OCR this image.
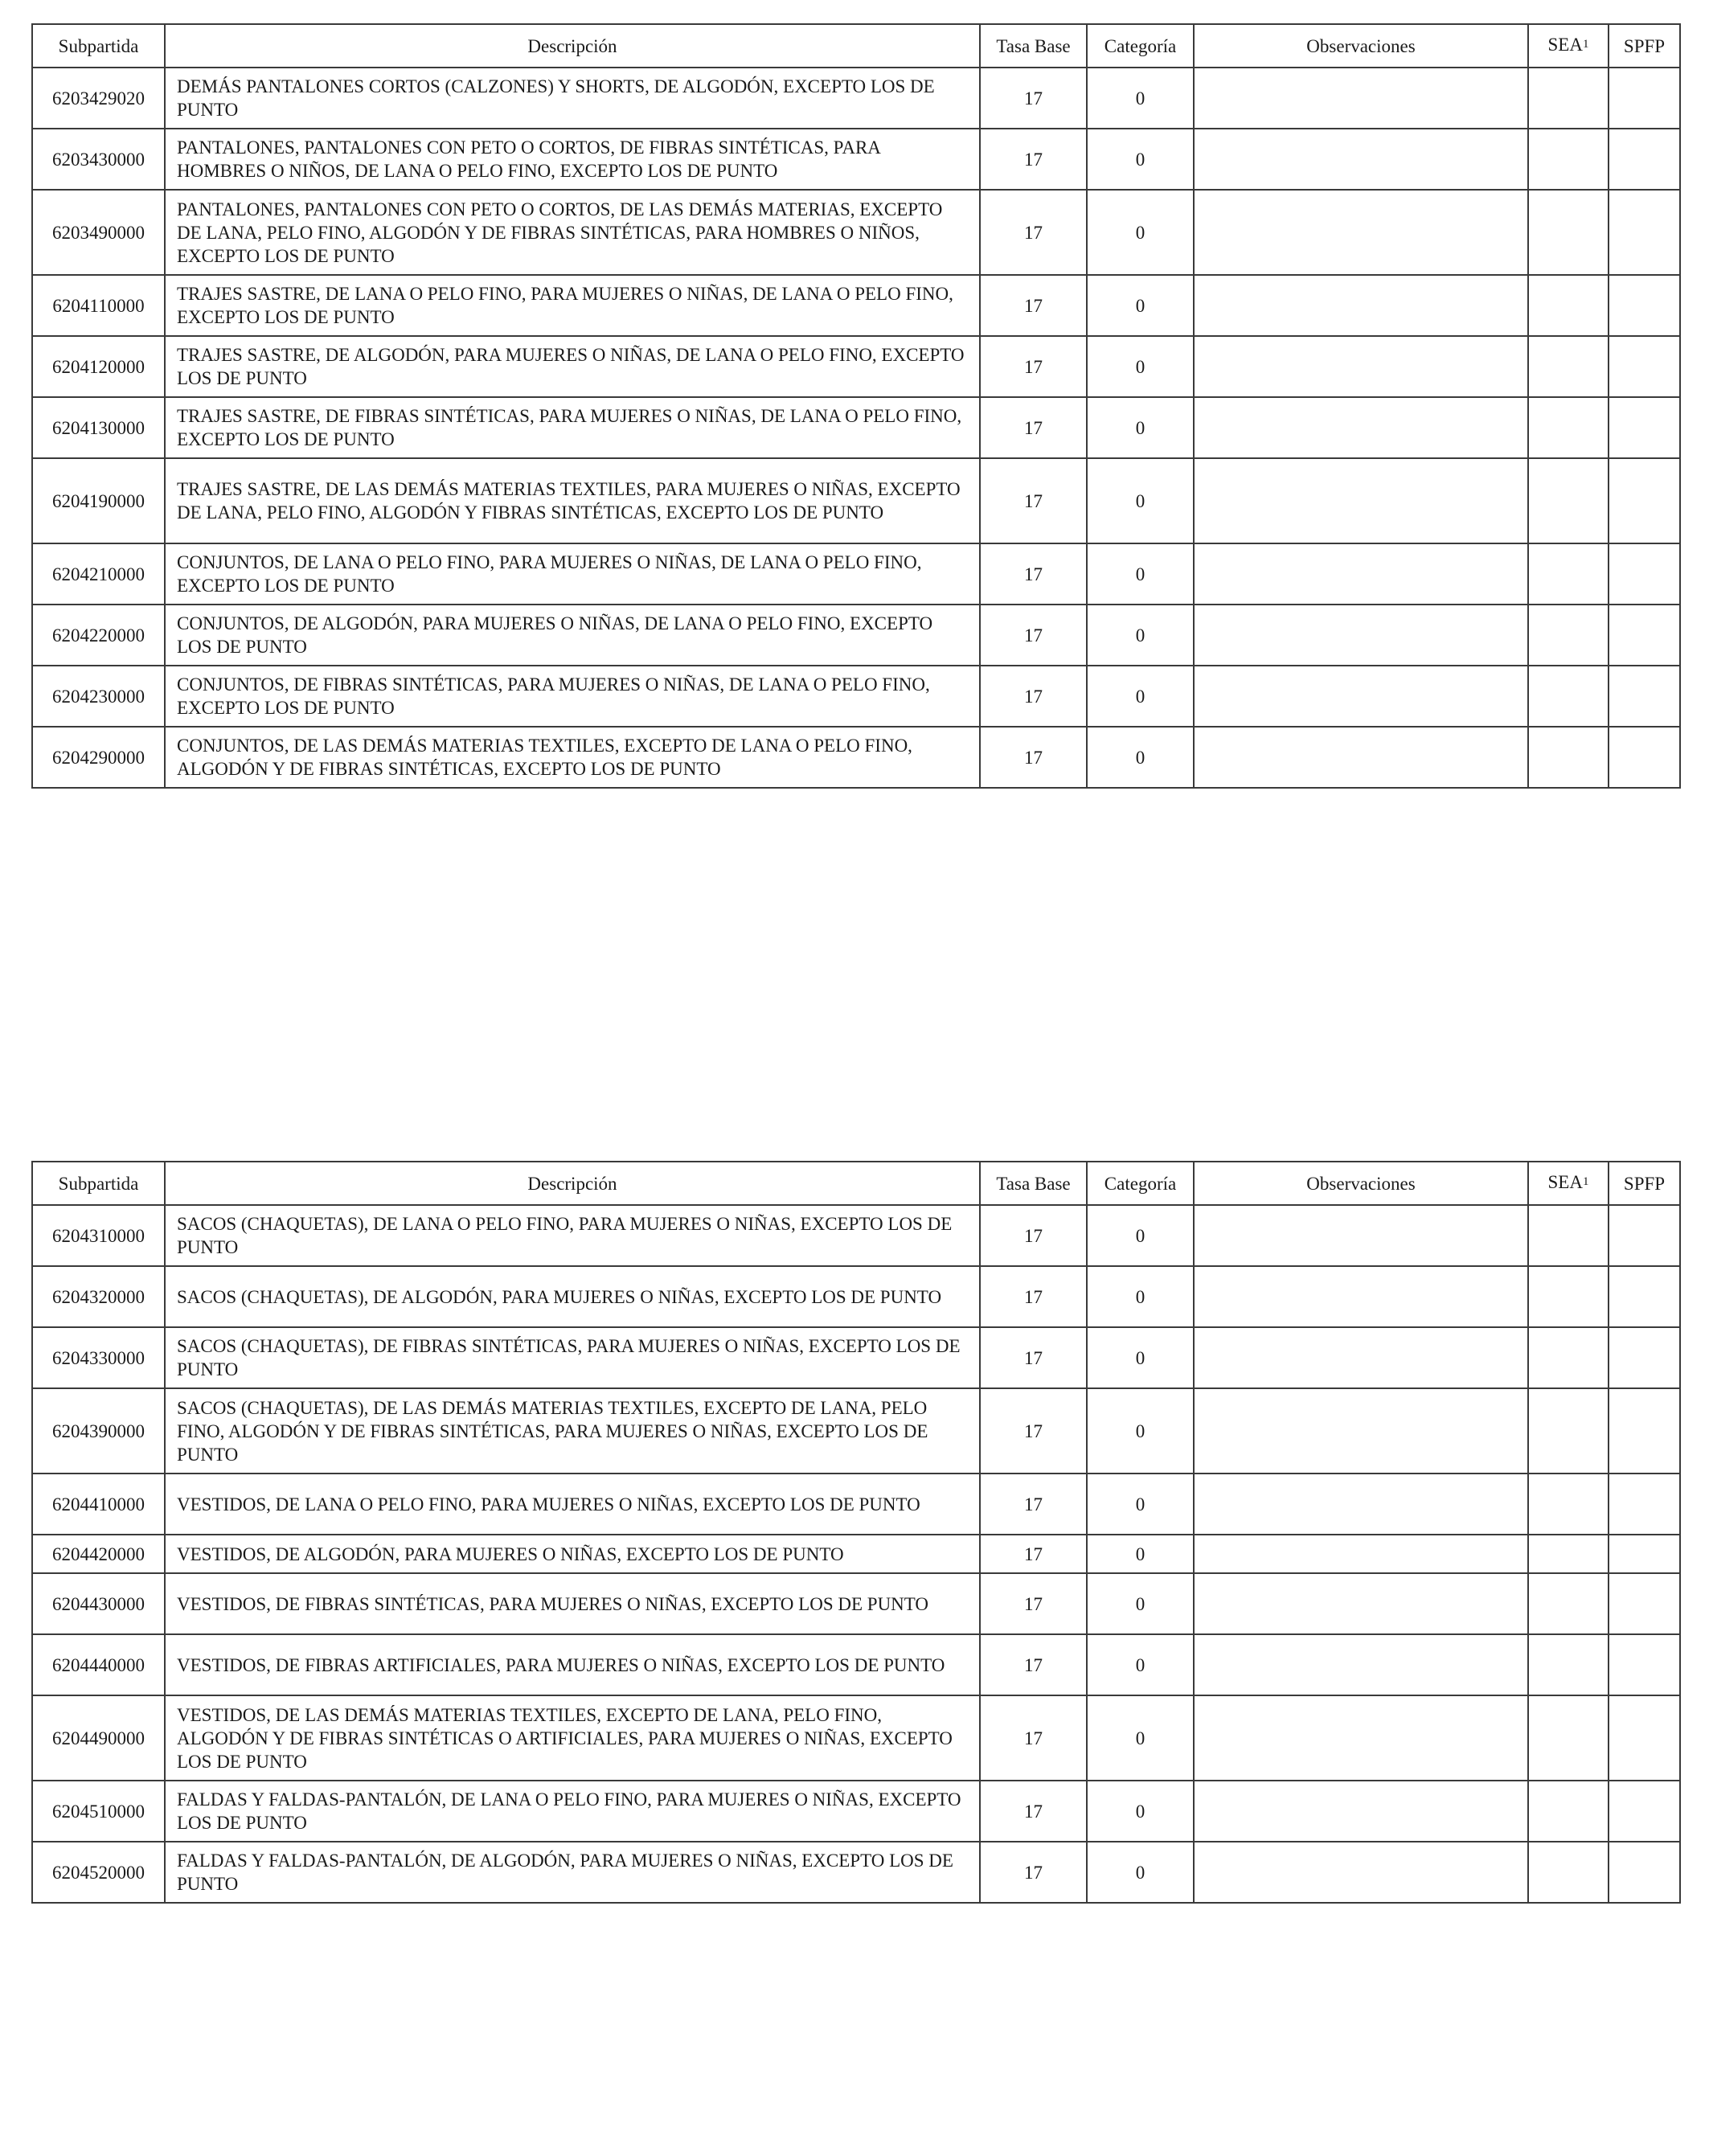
Subpartida	Descripción	Tasa Base	Categoría	Observaciones	SEA$^1$	SPFP
6203429020	DEMÁS PANTALONES CORTOS (CALZONES) Y SHORTS, DE ALGODÓN, EXCEPTO LOS DE PUNTO	17	0			
6203430000	PANTALONES, PANTALONES CON PETO O CORTOS, DE FIBRAS SINTÉTICAS, PARA HOMBRES O NIÑOS, DE LANA O PELO FINO, EXCEPTO LOS DE PUNTO	17	0			
6203490000	PANTALONES, PANTALONES CON PETO O CORTOS, DE LAS DEMÁS MATERIAS, EXCEPTO DE LANA, PELO FINO, ALGODÓN Y DE FIBRAS SINTÉTICAS, PARA HOMBRES O NIÑOS, EXCEPTO LOS DE PUNTO	17	0			
6204110000	TRAJES SASTRE, DE LANA O PELO FINO, PARA MUJERES O NIÑAS, DE LANA O PELO FINO, EXCEPTO LOS DE PUNTO	17	0			
6204120000	TRAJES SASTRE, DE ALGODÓN, PARA MUJERES O NIÑAS, DE LANA O PELO FINO, EXCEPTO LOS DE PUNTO	17	0			
6204130000	TRAJES SASTRE, DE FIBRAS SINTÉTICAS, PARA MUJERES O NIÑAS, DE LANA O PELO FINO, EXCEPTO LOS DE PUNTO	17	0			
6204190000	TRAJES SASTRE, DE LAS DEMÁS MATERIAS TEXTILES, PARA MUJERES O NIÑAS, EXCEPTO DE LANA, PELO FINO, ALGODÓN Y FIBRAS SINTÉTICAS, EXCEPTO LOS DE PUNTO	17	0			
6204210000	CONJUNTOS, DE LANA O PELO FINO, PARA MUJERES O NIÑAS, DE LANA O PELO FINO, EXCEPTO LOS DE PUNTO	17	0			
6204220000	CONJUNTOS, DE ALGODÓN, PARA MUJERES O NIÑAS, DE LANA O PELO FINO, EXCEPTO LOS DE PUNTO	17	0			
6204230000	CONJUNTOS, DE FIBRAS SINTÉTICAS, PARA MUJERES O NIÑAS, DE LANA O PELO FINO, EXCEPTO LOS DE PUNTO	17	0			
6204290000	CONJUNTOS, DE LAS DEMÁS MATERIAS TEXTILES, EXCEPTO DE LANA O PELO FINO, ALGODÓN Y DE FIBRAS SINTÉTICAS, EXCEPTO LOS DE PUNTO	17	0			
Subpartida	Descripción	Tasa Base	Categoría	Observaciones	SEA$^1$	SPFP
6204310000	SACOS (CHAQUETAS), DE LANA O PELO FINO, PARA MUJERES O NIÑAS, EXCEPTO LOS DE PUNTO	17	0			
6204320000	SACOS (CHAQUETAS), DE ALGODÓN, PARA MUJERES O NIÑAS, EXCEPTO LOS DE PUNTO	17	0			
6204330000	SACOS (CHAQUETAS), DE FIBRAS SINTÉTICAS, PARA MUJERES O NIÑAS, EXCEPTO LOS DE PUNTO	17	0			
6204390000	SACOS (CHAQUETAS), DE LAS DEMÁS MATERIAS TEXTILES, EXCEPTO DE LANA, PELO FINO, ALGODÓN Y DE FIBRAS SINTÉTICAS, PARA MUJERES O NIÑAS, EXCEPTO LOS DE PUNTO	17	0			
6204410000	VESTIDOS, DE LANA O PELO FINO, PARA MUJERES O NIÑAS, EXCEPTO LOS DE PUNTO	17	0			
6204420000	VESTIDOS, DE ALGODÓN, PARA MUJERES O NIÑAS, EXCEPTO LOS DE PUNTO	17	0			
6204430000	VESTIDOS, DE FIBRAS SINTÉTICAS, PARA MUJERES O NIÑAS, EXCEPTO LOS DE PUNTO	17	0			
6204440000	VESTIDOS, DE FIBRAS ARTIFICIALES, PARA MUJERES O NIÑAS, EXCEPTO LOS DE PUNTO	17	0			
6204490000	VESTIDOS, DE LAS DEMÁS MATERIAS TEXTILES, EXCEPTO DE LANA, PELO FINO, ALGODÓN Y DE FIBRAS SINTÉTICAS O ARTIFICIALES, PARA MUJERES O NIÑAS, EXCEPTO LOS DE PUNTO	17	0			
6204510000	FALDAS Y FALDAS-PANTALÓN, DE LANA O PELO FINO, PARA MUJERES O NIÑAS, EXCEPTO LOS DE PUNTO	17	0			
6204520000	FALDAS Y FALDAS-PANTALÓN, DE ALGODÓN, PARA MUJERES O NIÑAS, EXCEPTO LOS DE PUNTO	17	0			
